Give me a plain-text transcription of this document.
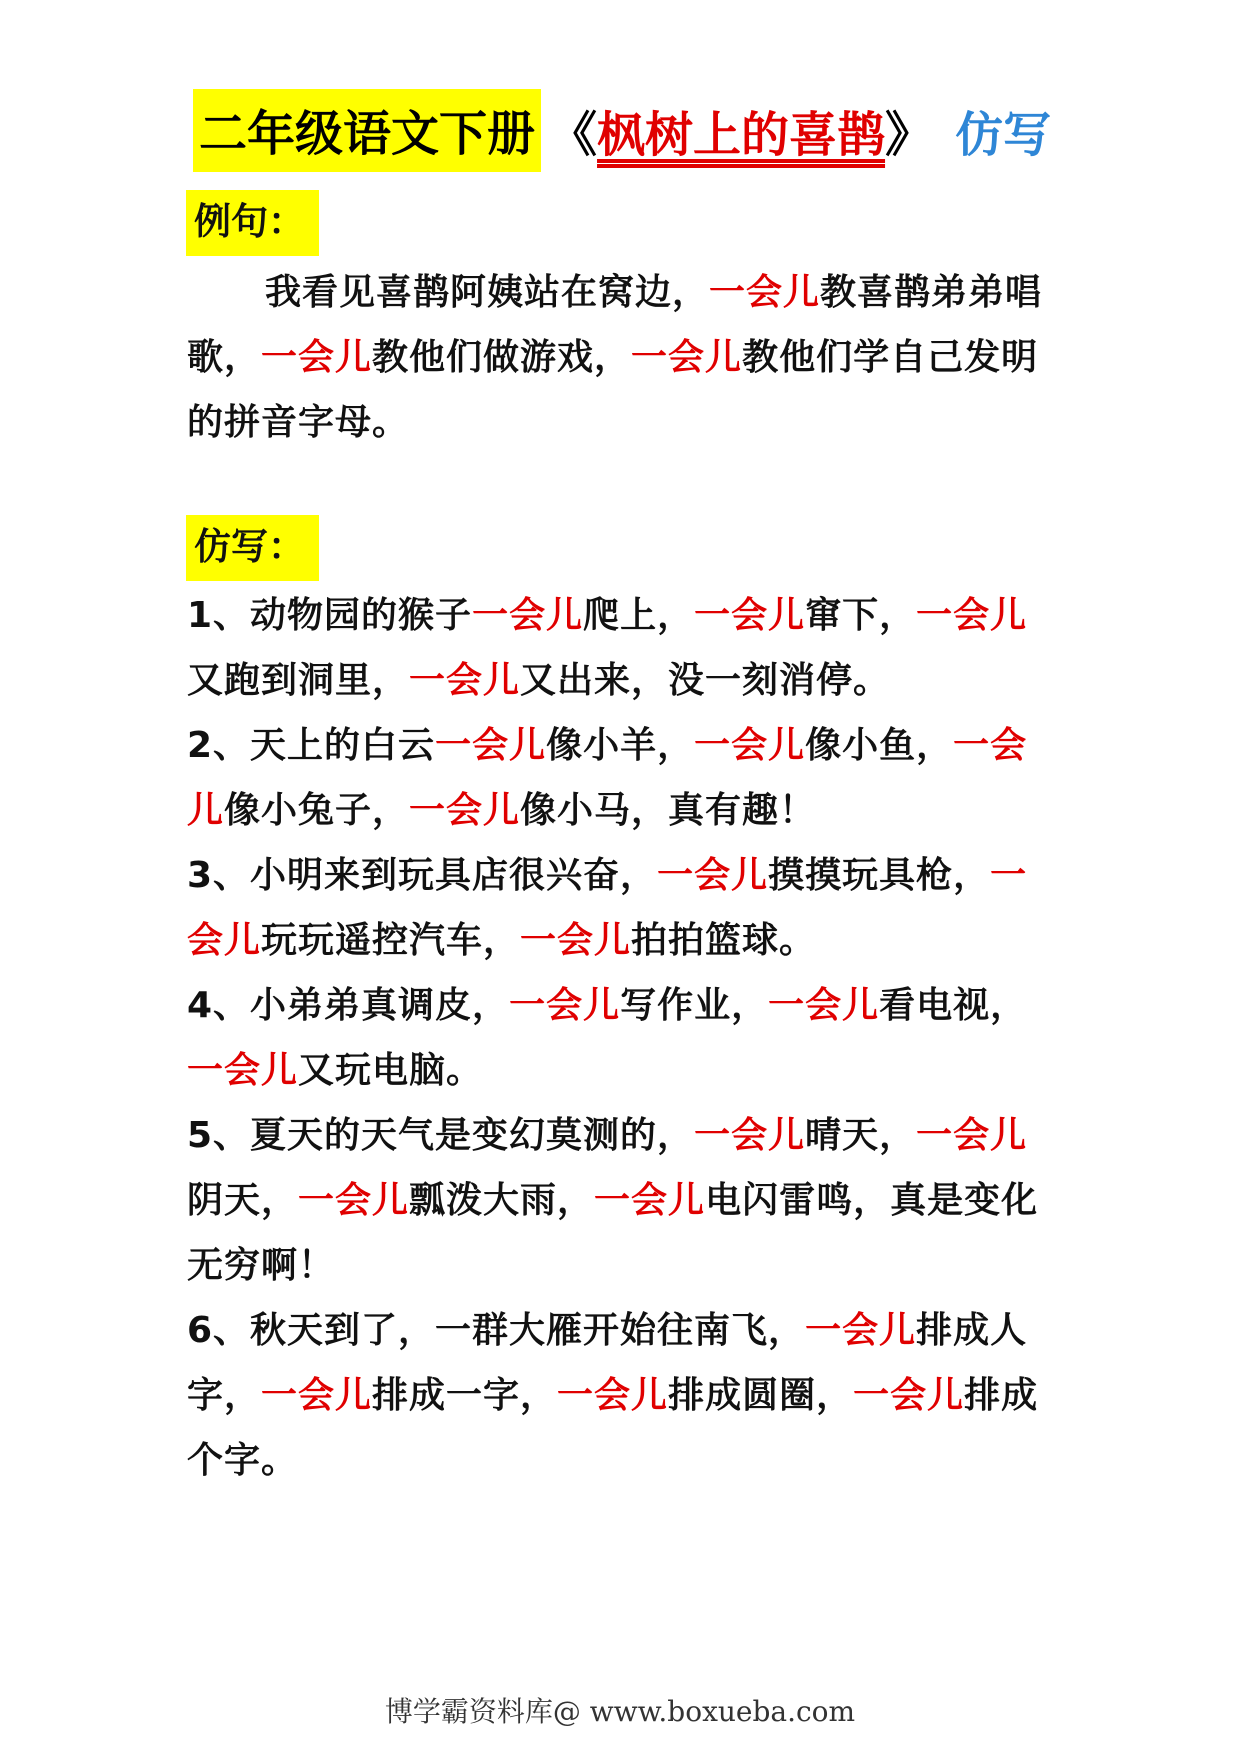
二年级语文下册 《 枫树上的喜鹊 》 仿写
例句：
我看见喜鹊阿姨站在窝边，一会儿教喜鹊弟弟唱歌，一会儿教他们做游戏，一会儿教他们学自己发明的拼音字母。
仿写：

1、动物园的猴子一会儿爬上，一会儿窜下，一会儿又跑到洞里，一会儿又出来，没一刻消停。

2、天上的白云一会儿像小羊，一会儿像小鱼，一会儿像小兔子，一会儿像小马，真有趣！

3、小明来到玩具店很兴奋，一会儿摸摸玩具枪，一会儿玩玩遥控汽车，一会儿拍拍篮球。

4、小弟弟真调皮，一会儿写作业，一会儿看电视，一会儿又玩电脑。

5、夏天的天气是变幻莫测的，一会儿晴天，一会儿阴天，一会儿瓢泼大雨，一会儿电闪雷鸣，真是变化无穷啊！

6、秋天到了，一群大雁开始往南飞，一会儿排成人字，一会儿排成一字，一会儿排成圆圈，一会儿排成个字。

博学霸资料库@ www.boxueba.com
